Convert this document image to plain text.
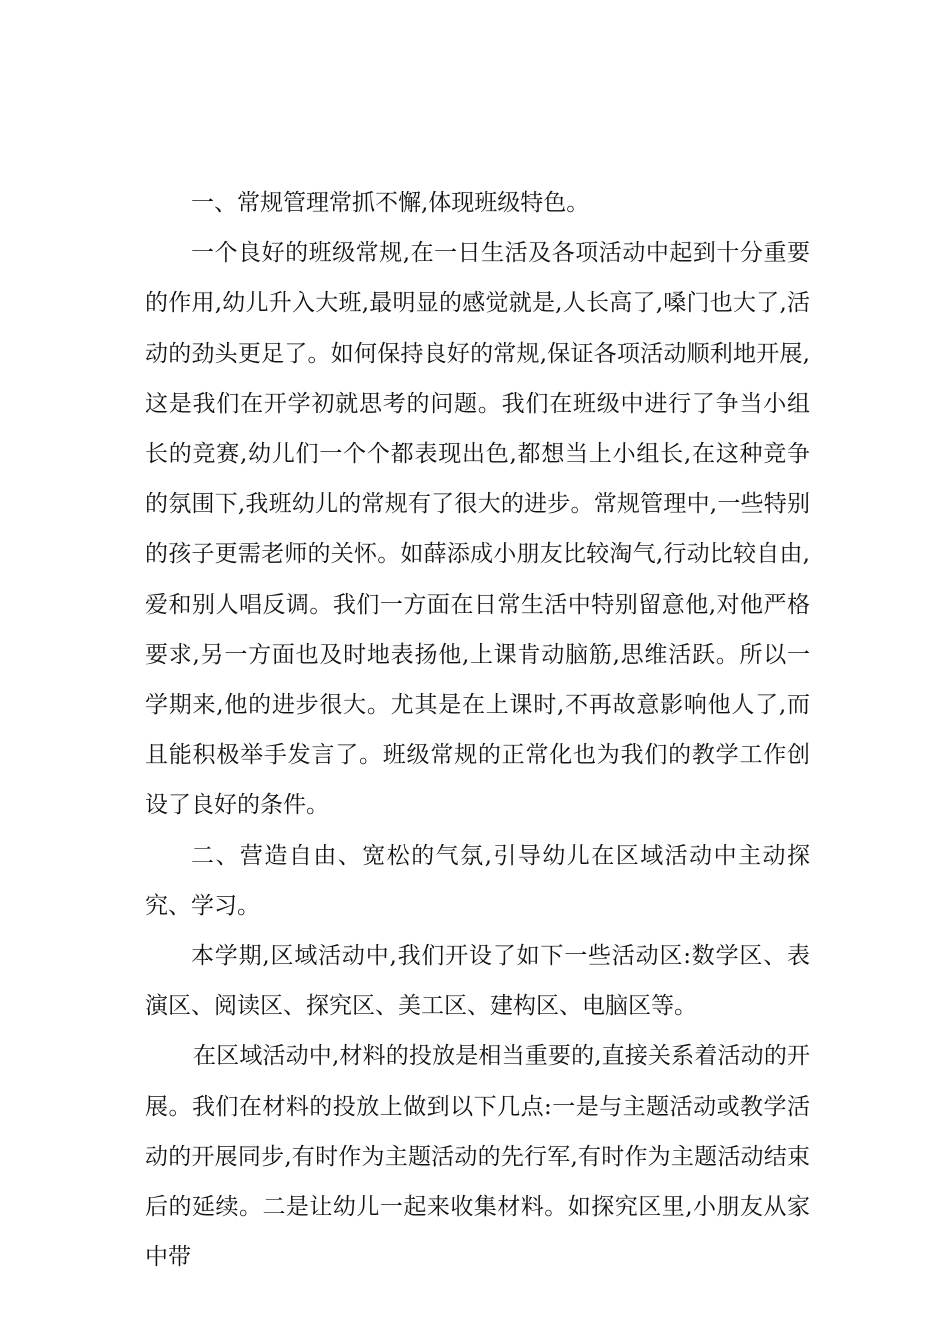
一、常规管理常抓不懈,体现班级特色。

一个良好的班级常规,在一日生活及各项活动中起到十分重要的作用,幼儿升入大班,最明显的感觉就是,人长高了,嗓门也大了,活动的劲头更足了。如何保持良好的常规,保证各项活动顺利地开展,这是我们在开学初就思考的问题。我们在班级中进行了争当小组长的竞赛,幼儿们一个个都表现出色,都想当上小组长,在这种竞争的氛围下,我班幼儿的常规有了很大的进步。常规管理中,一些特别的孩子更需老师的关怀。如薛添成小朋友比较淘气,行动比较自由,爱和别人唱反调。我们一方面在日常生活中特别留意他,对他严格要求,另一方面也及时地表扬他,上课肯动脑筋,思维活跃。所以一学期来,他的进步很大。尤其是在上课时,不再故意影响他人了,而且能积极举手发言了。班级常规的正常化也为我们的教学工作创设了良好的条件。

二、营造自由、宽松的气氛,引导幼儿在区域活动中主动探究、学习。

本学期,区域活动中,我们开设了如下一些活动区:数学区、表演区、阅读区、探究区、美工区、建构区、电脑区等。

在区域活动中,材料的投放是相当重要的,直接关系着活动的开展。我们在材料的投放上做到以下几点:一是与主题活动或教学活动的开展同步,有时作为主题活动的先行军,有时作为主题活动结束后的延续。二是让幼儿一起来收集材料。如探究区里,小朋友从家中带
